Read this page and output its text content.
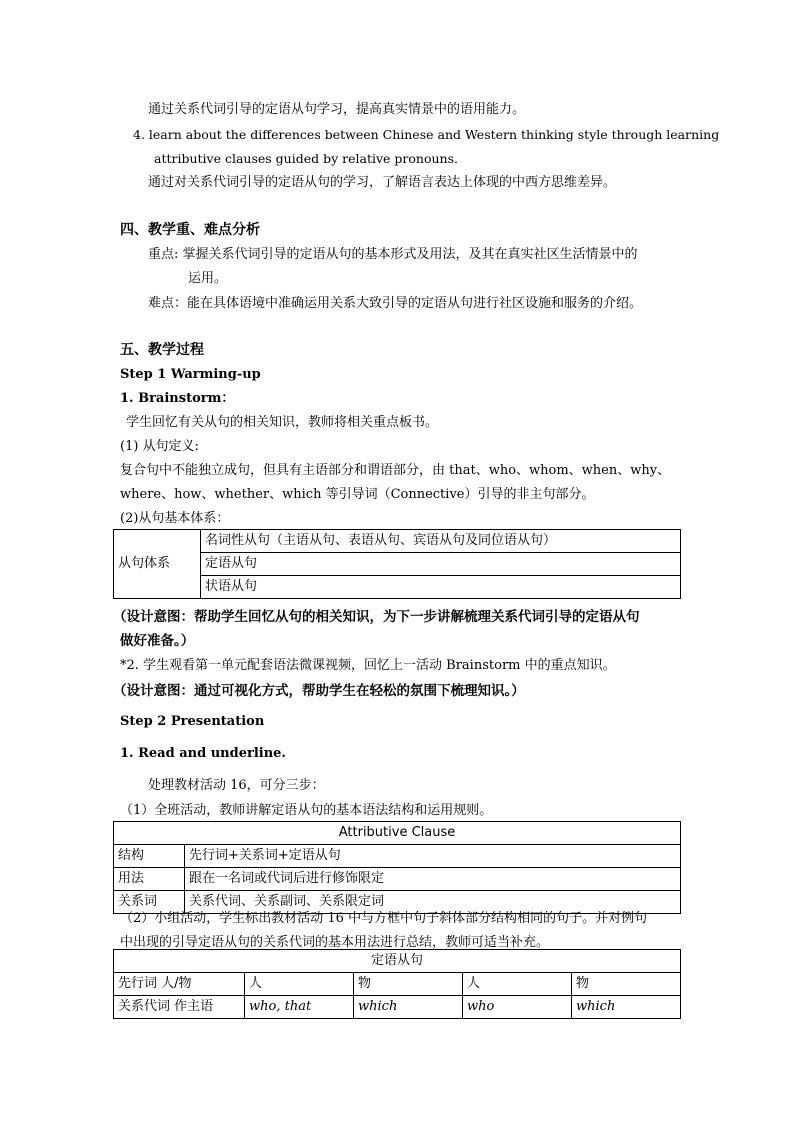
通过关系代词引导的定语从句学习，提高真实情景中的语用能力。
4. learn about the differences between Chinese and Western thinking style through learning
attributive clauses guided by relative pronouns.
通过对关系代词引导的定语从句的学习，了解语言表达上体现的中西方思维差异。
四、教学重、难点分析
重点: 掌握关系代词引导的定语从句的基本形式及用法，及其在真实社区生活情景中的
运用。
难点：能在具体语境中准确运用关系大致引导的定语从句进行社区设施和服务的介绍。
五、教学过程
Step 1 Warming-up
1. Brainstorm：
学生回忆有关从句的相关知识，教师将相关重点板书。
(1) 从句定义:
复合句中不能独立成句，但具有主语部分和谓语部分，由 that、who、whom、when、why、
where、how、whether、which 等引导词（Connective）引导的非主句部分。
(2)从句基本体系：
从句体系	名词性从句（主语从句、表语从句、宾语从句及同位语从句）
定语从句
状语从句
（设计意图：帮助学生回忆从句的相关知识，为下一步讲解梳理关系代词引导的定语从句
做好准备。）
*2. 学生观看第一单元配套语法微课视频，回忆上一活动 Brainstorm 中的重点知识。
（设计意图：通过可视化方式，帮助学生在轻松的氛围下梳理知识。）
Step 2 Presentation
1. Read and underline.
处理教材活动 16，可分三步：
（1）全班活动，教师讲解定语从句的基本语法结构和运用规则。
Attributive Clause	
结构	先行词+关系词+定语从句
用法	跟在一名词或代词后进行修饰限定
关系词	关系代词、关系副词、关系限定词
（2）小组活动，学生标出教材活动 16 中与方框中句子斜体部分结构相同的句子。并对例句
中出现的引导定语从句的关系代词的基本用法进行总结，教师可适当补充。
定语从句				
先行词 人/物	人	物	人	物
关系代词 作主语	who, that	which	who	which
